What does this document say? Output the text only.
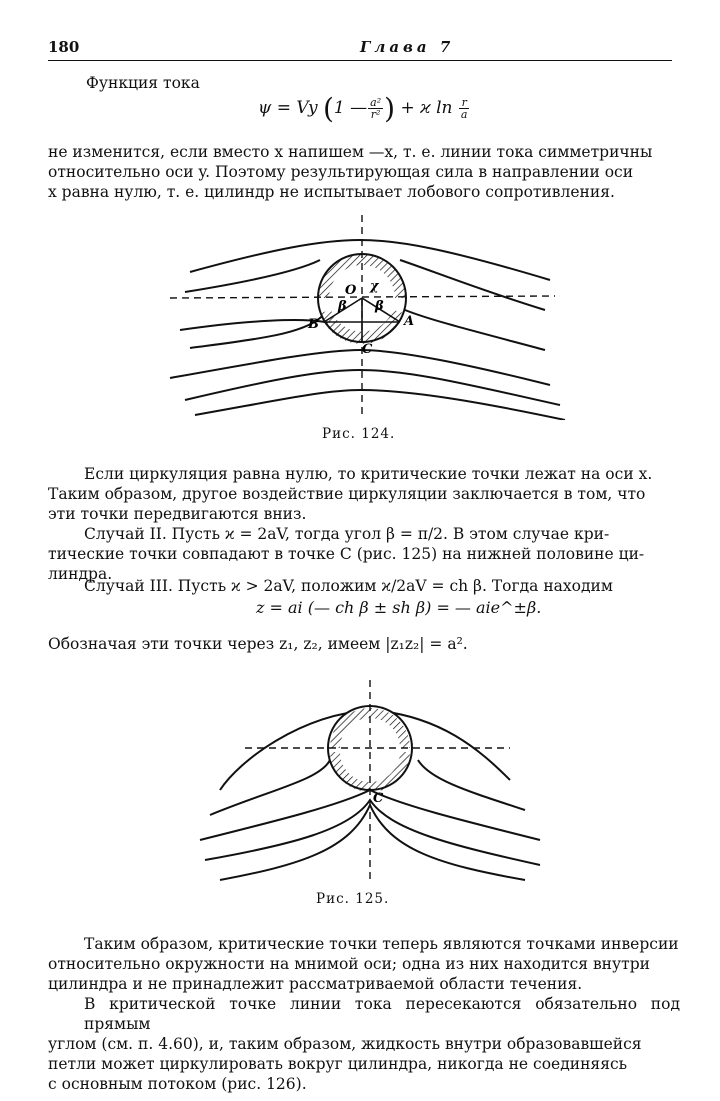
180	Глава 7
Функция тока
ψ = Vy (1 — $\frac{\text{a²}}{\text{r²}}$ ) + ϰ $\ln \frac{r}{a}$
не изменится, если вместо x напишем —x, т. е. линии тока симметричны
относительно оси y. Поэтому результирующая сила в направлении оси
x равна нулю, т. е. цилиндр не испытывает лобового сопротивления.
O χ
β β
B	A
C
Рис. 124.
Если циркуляция равна нулю, то критические точки лежат на оси x.
Таким образом, другое воздействие циркуляции заключается в том, что
эти точки передвигаются вниз.
Случай II. Пусть ϰ = 2aV, тогда угол β = π/2. В этом случае кри-
тические точки совпадают в точке C (рис. 125) на нижней половине ци-
линдра.
Случай III. Пусть ϰ > 2aV, положим ϰ/2aV = ch β. Тогда находим
z = ai (— ch β ± sh β) = — aie^±β.
Обозначая эти точки через z₁, z₂, имеем |z₁z₂| = a².
C
Рис. 125.
Таким образом, критические точки теперь являются точками инверсии
относительно окружности на мнимой оси; одна из них находится внутри
цилиндра и не принадлежит рассматриваемой области течения.
В критической точке линии тока пересекаются обязательно под прямым
углом (см. п. 4.60), и, таким образом, жидкость внутри образовавшейся
петли может циркулировать вокруг цилиндра, никогда не соединяясь
с основным потоком (рис. 126).
